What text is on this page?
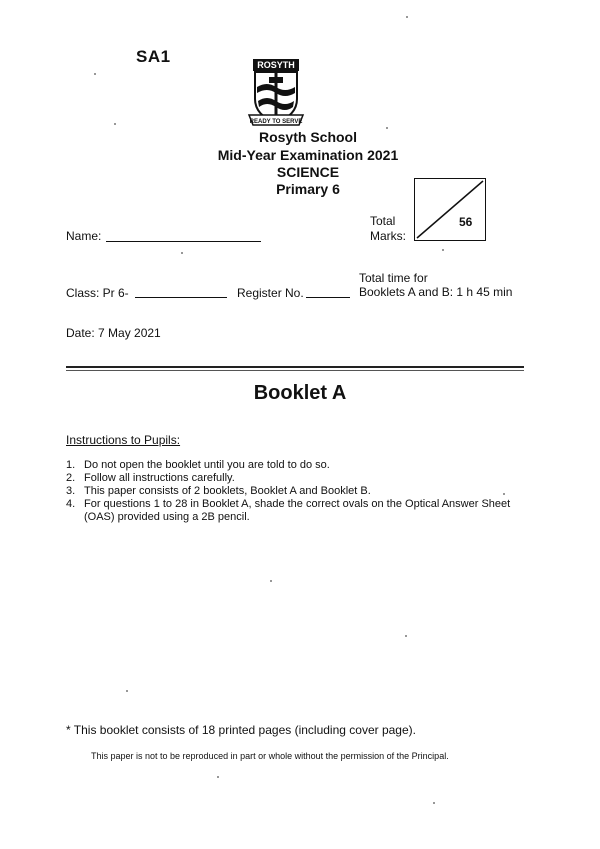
SA1	ROSYTH
READY TO SERVE
Rosyth School
Mid-Year Examination 2021
SCIENCE
Primary 6
Total
Marks:
56
Name:
Total time for
Booklets A and B: 1 h 45 min
Class: Pr 6-	Register No.
Date: 7 May 2021
Booklet A
Instructions to Pupils:
1. Do not open the booklet until you are told to do so.
2. Follow all instructions carefully.
3. This paper consists of 2 booklets, Booklet A and Booklet B.
4. For questions 1 to 28 in Booklet A, shade the correct ovals on the Optical Answer Sheet (OAS) provided using a 2B pencil.
* This booklet consists of 18 printed pages (including cover page).
This paper is not to be reproduced in part or whole without the permission of the Principal.
